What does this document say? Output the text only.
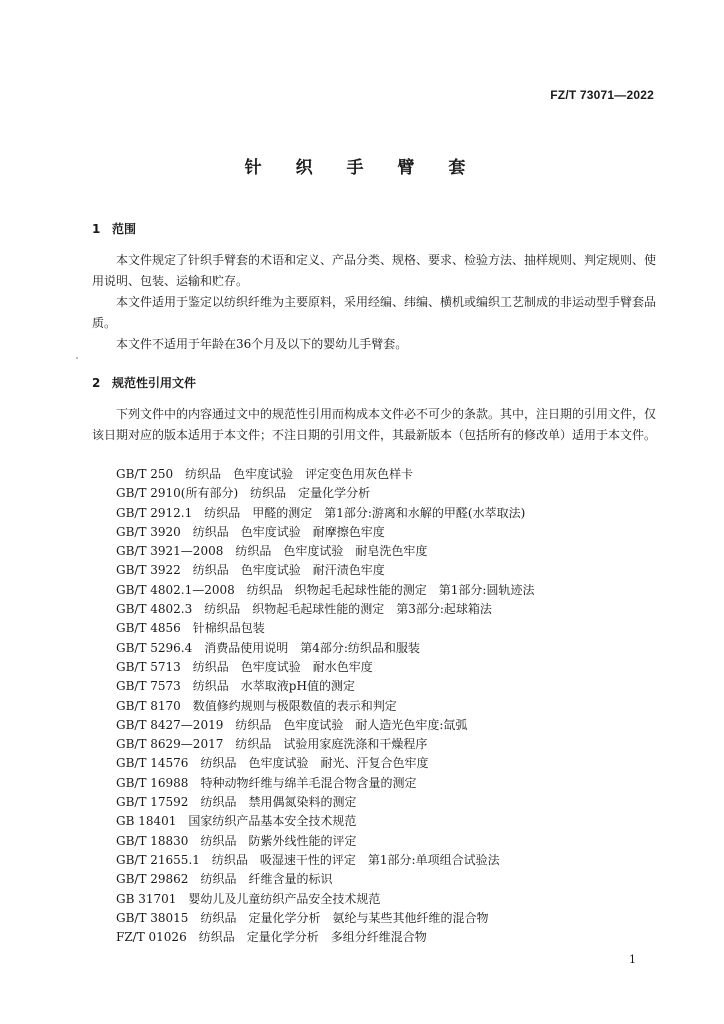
FZ/T 73071—2022
针 织 手 臂 套
1 范围

本文件规定了针织手臂套的术语和定义、产品分类、规格、要求、检验方法、抽样规则、判定规则、使用说明、包装、运输和贮存。

本文件适用于鉴定以纺织纤维为主要原料，采用经编、纬编、横机或编织工艺制成的非运动型手臂套品质。

本文件不适用于年龄在36个月及以下的婴幼儿手臂套。

2 规范性引用文件

下列文件中的内容通过文中的规范性引用而构成本文件必不可少的条款。其中，注日期的引用文件，仅该日期对应的版本适用于本文件；不注日期的引用文件，其最新版本（包括所有的修改单）适用于本文件。

GB/T 250　纺织品　色牢度试验　评定变色用灰色样卡
GB/T 2910(所有部分)　纺织品　定量化学分析
GB/T 2912.1　纺织品　甲醛的测定　第1部分:游离和水解的甲醛(水萃取法)
GB/T 3920　纺织品　色牢度试验　耐摩擦色牢度
GB/T 3921—2008　纺织品　色牢度试验　耐皂洗色牢度
GB/T 3922　纺织品　色牢度试验　耐汗渍色牢度
GB/T 4802.1—2008　纺织品　织物起毛起球性能的测定　第1部分:圆轨迹法
GB/T 4802.3　纺织品　织物起毛起球性能的测定　第3部分:起球箱法
GB/T 4856　针棉织品包装
GB/T 5296.4　消费品使用说明　第4部分:纺织品和服装
GB/T 5713　纺织品　色牢度试验　耐水色牢度
GB/T 7573　纺织品　水萃取液pH值的测定
GB/T 8170　数值修约规则与极限数值的表示和判定
GB/T 8427—2019　纺织品　色牢度试验　耐人造光色牢度:氙弧
GB/T 8629—2017　纺织品　试验用家庭洗涤和干燥程序
GB/T 14576　纺织品　色牢度试验　耐光、汗复合色牢度
GB/T 16988　特种动物纤维与绵羊毛混合物含量的测定
GB/T 17592　纺织品　禁用偶氮染料的测定
GB 18401　国家纺织产品基本安全技术规范
GB/T 18830　纺织品　防紫外线性能的评定
GB/T 21655.1　纺织品　吸湿速干性的评定　第1部分:单项组合试验法
GB/T 29862　纺织品　纤维含量的标识
GB 31701　婴幼儿及儿童纺织产品安全技术规范
GB/T 38015　纺织品　定量化学分析　氨纶与某些其他纤维的混合物
FZ/T 01026　纺织品　定量化学分析　多组分纤维混合物
1
